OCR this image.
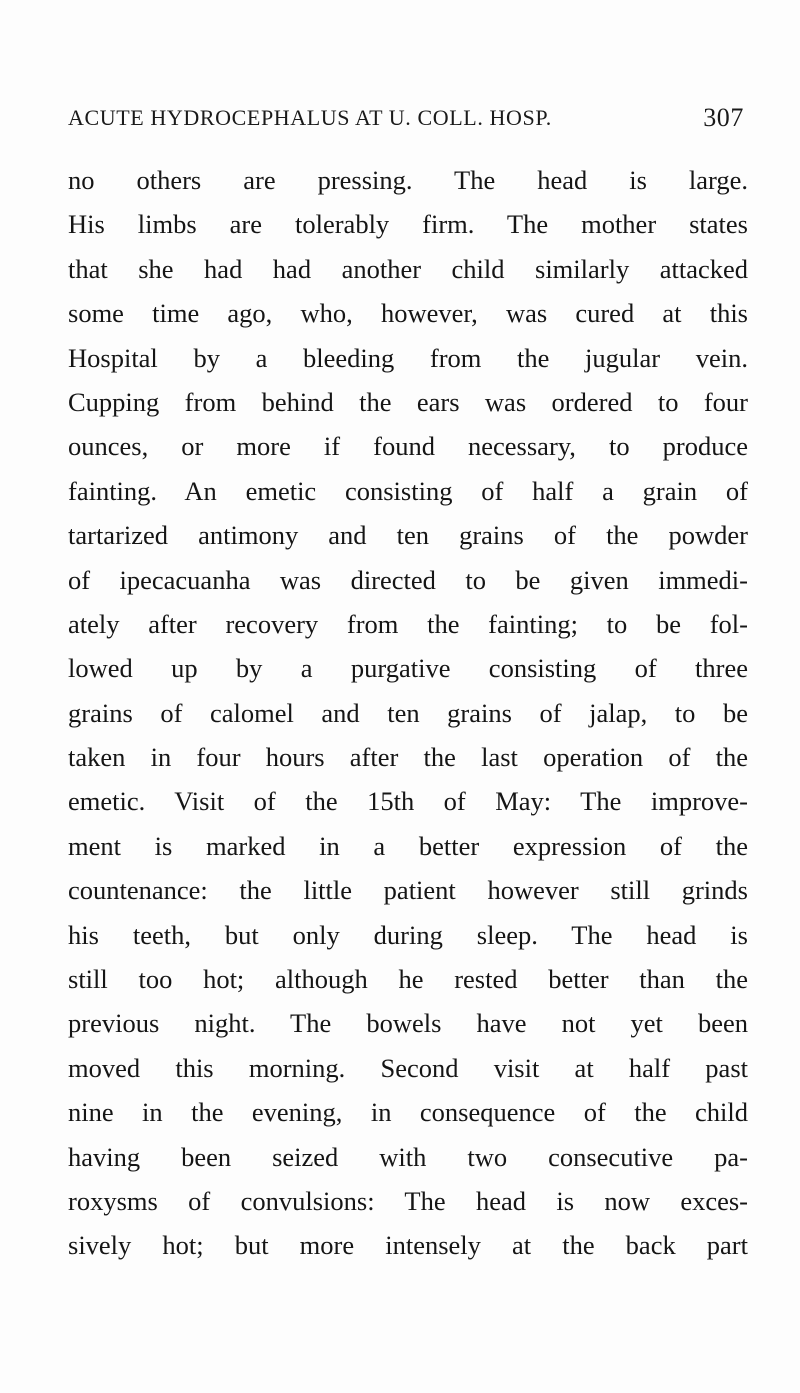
ACUTE HYDROCEPHALUS AT U. COLL. HOSP.	307
no others are pressing. The head is large.
His limbs are tolerably firm. The mother states
that she had had another child similarly attacked
some time ago, who, however, was cured at this
Hospital by a bleeding from the jugular vein.
Cupping from behind the ears was ordered to four
ounces, or more if found necessary, to produce
fainting. An emetic consisting of half a grain of
tartarized antimony and ten grains of the powder
of ipecacuanha was directed to be given immedi-
ately after recovery from the fainting; to be fol-
lowed up by a purgative consisting of three
grains of calomel and ten grains of jalap, to be
taken in four hours after the last operation of the
emetic. Visit of the 15th of May: The improve-
ment is marked in a better expression of the
countenance: the little patient however still grinds
his teeth, but only during sleep. The head is
still too hot; although he rested better than the
previous night. The bowels have not yet been
moved this morning. Second visit at half past
nine in the evening, in consequence of the child
having been seized with two consecutive pa-
roxysms of convulsions: The head is now exces-
sively hot; but more intensely at the back part
